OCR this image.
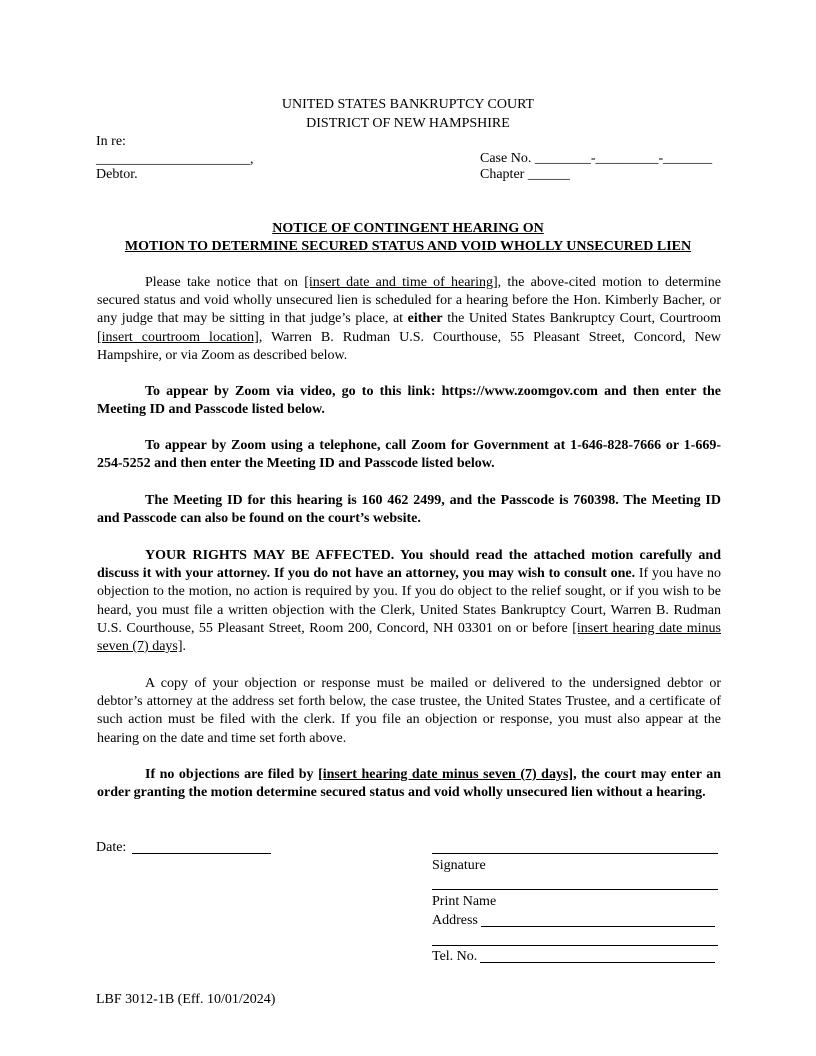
UNITED STATES BANKRUPTCY COURT
DISTRICT OF NEW HAMPSHIRE
In re:
______________________,
Debtor.
Case No. ________-_________-_______
Chapter ______
NOTICE OF CONTINGENT HEARING ON
MOTION TO DETERMINE SECURED STATUS AND VOID WHOLLY UNSECURED LIEN

Please take notice that on [insert date and time of hearing], the above-cited motion to determine secured status and void wholly unsecured lien is scheduled for a hearing before the Hon. Kimberly Bacher, or any judge that may be sitting in that judge’s place, at either the United States Bankruptcy Court, Courtroom [insert courtroom location], Warren B. Rudman U.S. Courthouse, 55 Pleasant Street, Concord, New Hampshire, or via Zoom as described below.

To appear by Zoom via video, go to this link: https://www.zoomgov.com and then enter the Meeting ID and Passcode listed below.

To appear by Zoom using a telephone, call Zoom for Government at 1-646-828-7666 or 1-669-254-5252 and then enter the Meeting ID and Passcode listed below.

The Meeting ID for this hearing is 160 462 2499, and the Passcode is 760398. The Meeting ID and Passcode can also be found on the court’s website.

YOUR RIGHTS MAY BE AFFECTED. You should read the attached motion carefully and discuss it with your attorney. If you do not have an attorney, you may wish to consult one. If you have no objection to the motion, no action is required by you. If you do object to the relief sought, or if you wish to be heard, you must file a written objection with the Clerk, United States Bankruptcy Court, Warren B. Rudman U.S. Courthouse, 55 Pleasant Street, Room 200, Concord, NH 03301 on or before [insert hearing date minus seven (7) days].

A copy of your objection or response must be mailed or delivered to the undersigned debtor or debtor’s attorney at the address set forth below, the case trustee, the United States Trustee, and a certificate of such action must be filed with the clerk. If you file an objection or response, you must also appear at the hearing on the date and time set forth above.

If no objections are filed by [insert hearing date minus seven (7) days], the court may enter an order granting the motion determine secured status and void wholly unsecured lien without a hearing.

Date:
Signature
Print Name
Address
Tel. No.
LBF 3012-1B (Eff. 10/01/2024)
